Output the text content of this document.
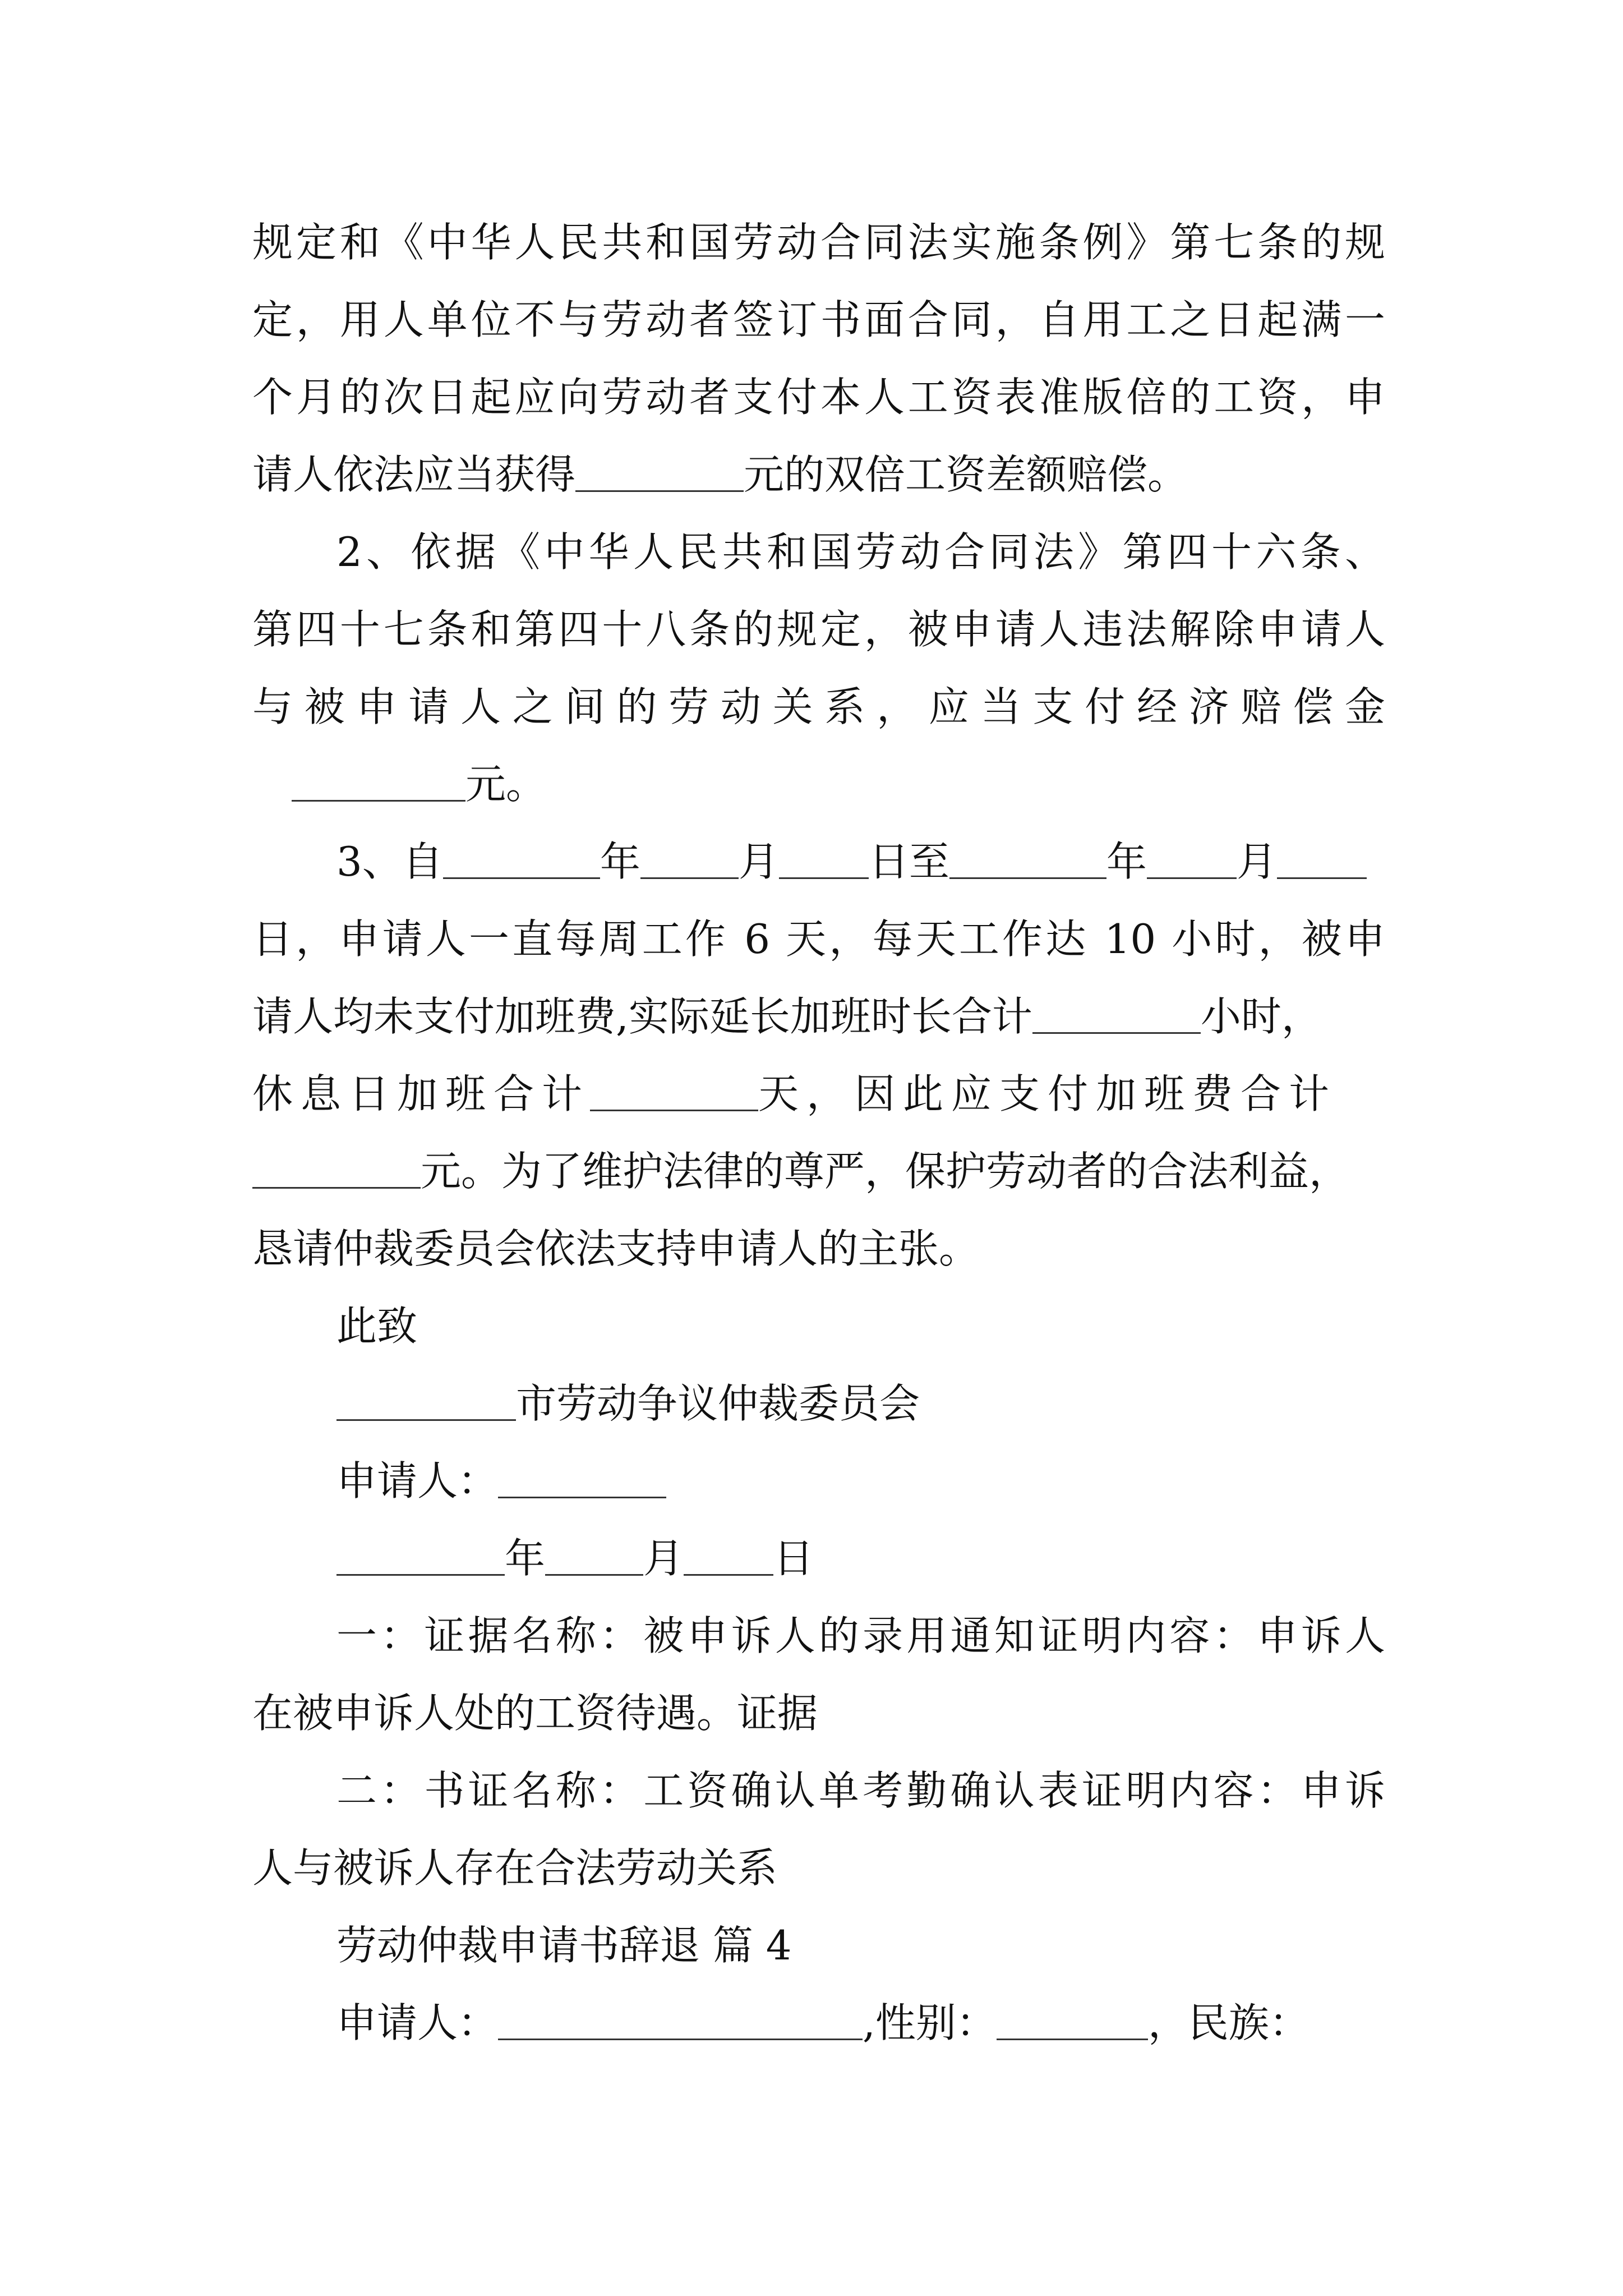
规定和《中华人民共和国劳动合同法实施条例》第七条的规
定，用人单位不与劳动者签订书面合同，自用工之日起满一
个月的次日起应向劳动者支付本人工资表准版倍的工资，申
请人依法应当获得	元的双倍工资差额赔偿。
2、依据《中华人民共和国劳动合同法》第四十六条、
第四十七条和第四十八条的规定，被申请人违法解除申请人
与被申请人之间的劳动关系，应当支付经济赔偿金
元。
3、自	年 月 日至	年 月
日，申请人一直每周工作 6 天，每天工作达 10 小时，被申
请人均未支付加班费,实际延长加班时长合计	小时，
休息日加班合计	天，因此应支付加班费合计
元。为了维护法律的尊严，保护劳动者的合法利益，
恳请仲裁委员会依法支持申请人的主张。
此致
市劳动争议仲裁委员会
申请人：
年 月 日
一：证据名称：被申诉人的录用通知证明内容：申诉人
在被申诉人处的工资待遇。证据
二：书证名称：工资确认单考勤确认表证明内容：申诉
人与被诉人存在合法劳动关系
劳动仲裁申请书辞退 篇 4
申请人：	,性别：	，民族：
